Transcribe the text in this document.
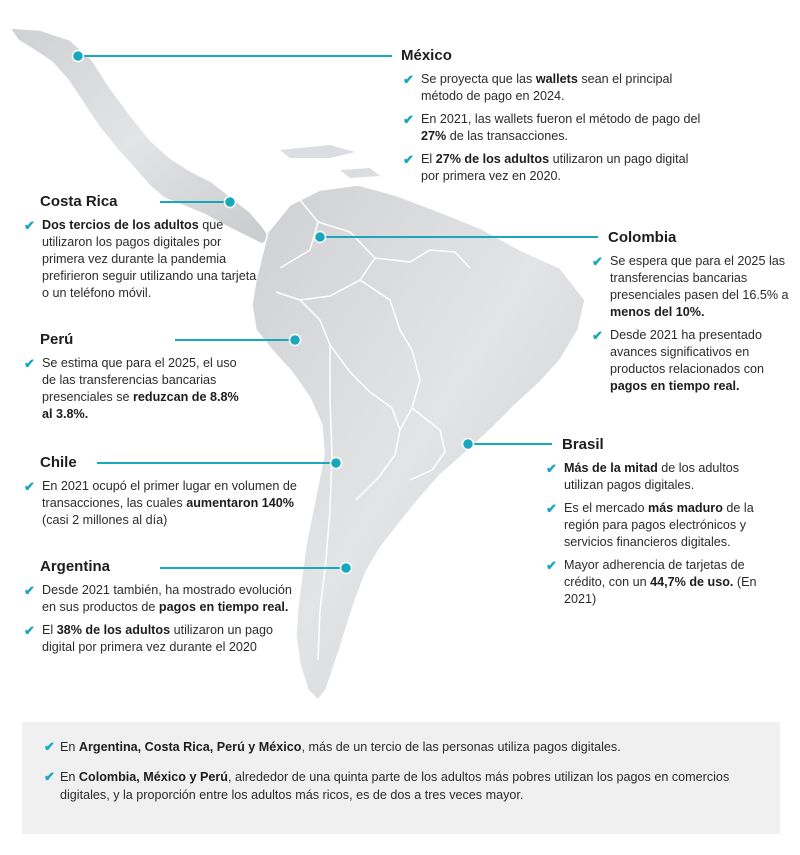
México
✔ Se proyecta que las wallets sean el principal método de pago en 2024.
✔ En 2021, las wallets fueron el método de pago del 27% de las transacciones.
✔ El 27% de los adultos utilizaron un pago digital por primera vez en 2020.
Costa Rica
✔ Dos tercios de los adultos que utilizaron los pagos digitales por primera vez durante la pandemia prefirieron seguir utilizando una tarjeta o un teléfono móvil.
Colombia
✔ Se espera que para el 2025 las transferencias bancarias presenciales pasen del 16.5% a menos del 10%.
✔ Desde 2021 ha presentado avances significativos en productos relacionados con pagos en tiempo real.
Perú
✔ Se estima que para el 2025, el uso de las transferencias bancarias presenciales se reduzcan de 8.8% al 3.8%.
Brasil
✔ Más de la mitad de los adultos utilizan pagos digitales.
✔ Es el mercado más maduro de la región para pagos electrónicos y servicios financieros digitales.
✔ Mayor adherencia de tarjetas de crédito, con un 44,7% de uso. (En 2021)
Chile
✔ En 2021 ocupó el primer lugar en volumen de transacciones, las cuales aumentaron 140% (casi 2 millones al día)
Argentina
✔ Desde 2021 también, ha mostrado evolución en sus productos de pagos en tiempo real.
✔ El 38% de los adultos utilizaron un pago digital por primera vez durante el 2020
✔ En Argentina, Costa Rica, Perú y México, más de un tercio de las personas utiliza pagos digitales.
✔ En Colombia, México y Perú, alrededor de una quinta parte de los adultos más pobres utilizan los pagos en comercios digitales, y la proporción entre los adultos más ricos, es de dos a tres veces mayor.
